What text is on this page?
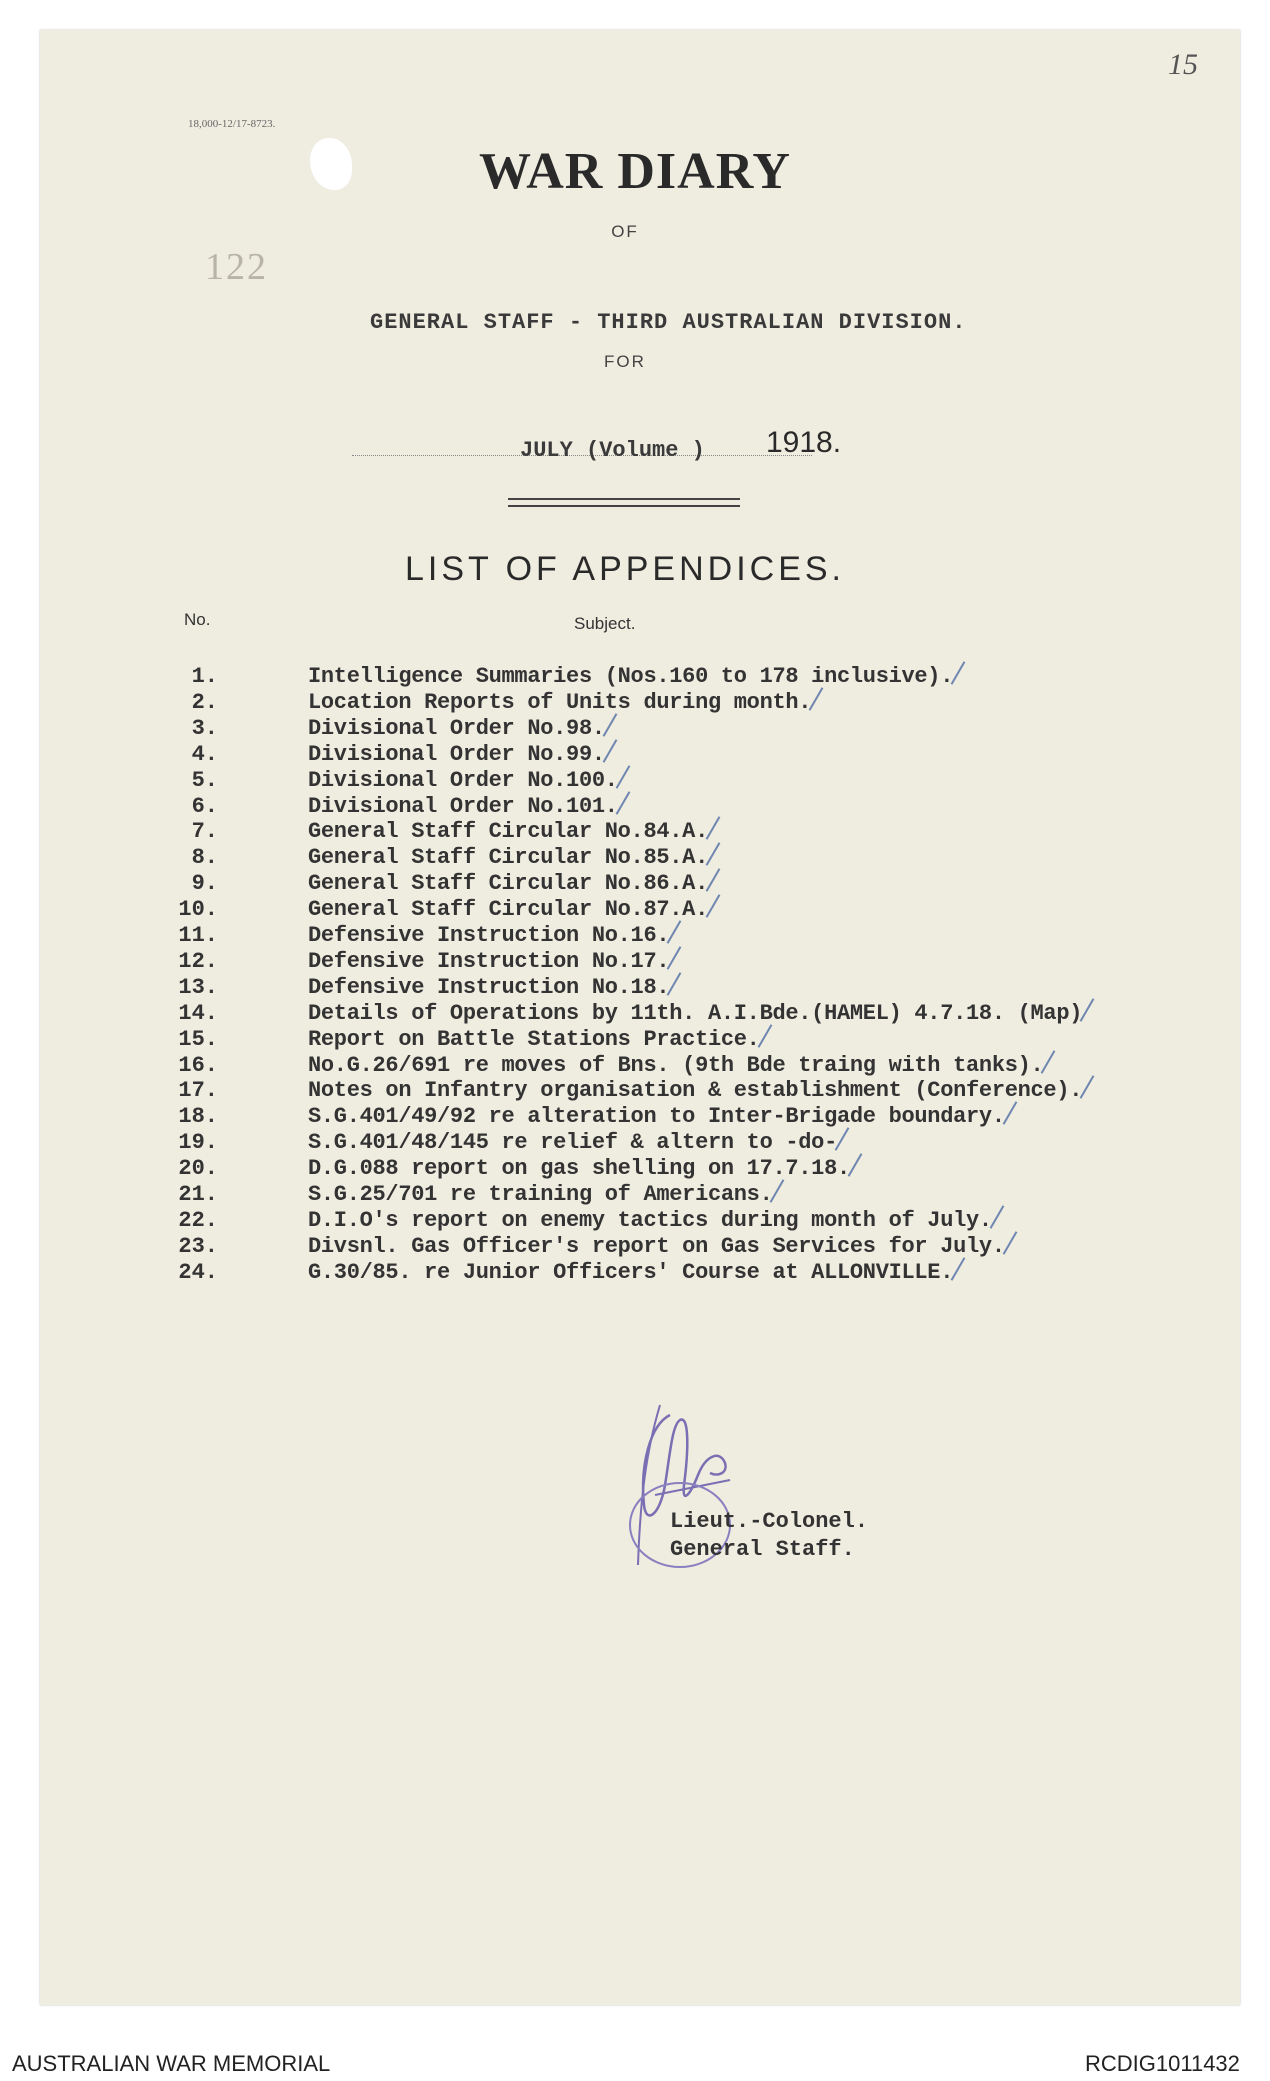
15
18,000-12/17-8723.
122
WAR DIARY
OF
GENERAL STAFF - THIRD AUSTRALIAN DIVISION.
FOR
JULY (Volume ) 1918.
LIST OF APPENDICES.
No.	Subject.
1.	Intelligence Summaries (Nos.160 to 178 inclusive).
2.	Location Reports of Units during month.
3.	Divisional Order No.98.
4.	Divisional Order No.99.
5.	Divisional Order No.100.
6.	Divisional Order No.101.
7.	General Staff Circular No.84.A.
8.	General Staff Circular No.85.A.
9.	General Staff Circular No.86.A.
10.	General Staff Circular No.87.A.
11.	Defensive Instruction No.16.
12.	Defensive Instruction No.17.
13.	Defensive Instruction No.18.
14.	Details of Operations by 11th. A.I.Bde.(HAMEL) 4.7.18. (Map)
15.	Report on Battle Stations Practice.
16.	No.G.26/691 re moves of Bns. (9th Bde traing with tanks).
17.	Notes on Infantry organisation & establishment (Conference).
18.	S.G.401/49/92 re alteration to Inter-Brigade boundary.
19.	S.G.401/48/145 re relief & altern to -do-
20.	D.G.088 report on gas shelling on 17.7.18.
21.	S.G.25/701 re training of Americans.
22.	D.I.O's report on enemy tactics during month of July.
23.	Divsnl. Gas Officer's report on Gas Services for July.
24.	G.30/85. re Junior Officers' Course at ALLONVILLE.
Lieut.-Colonel.
General Staff.
AUSTRALIAN WAR MEMORIAL	RCDIG1011432
